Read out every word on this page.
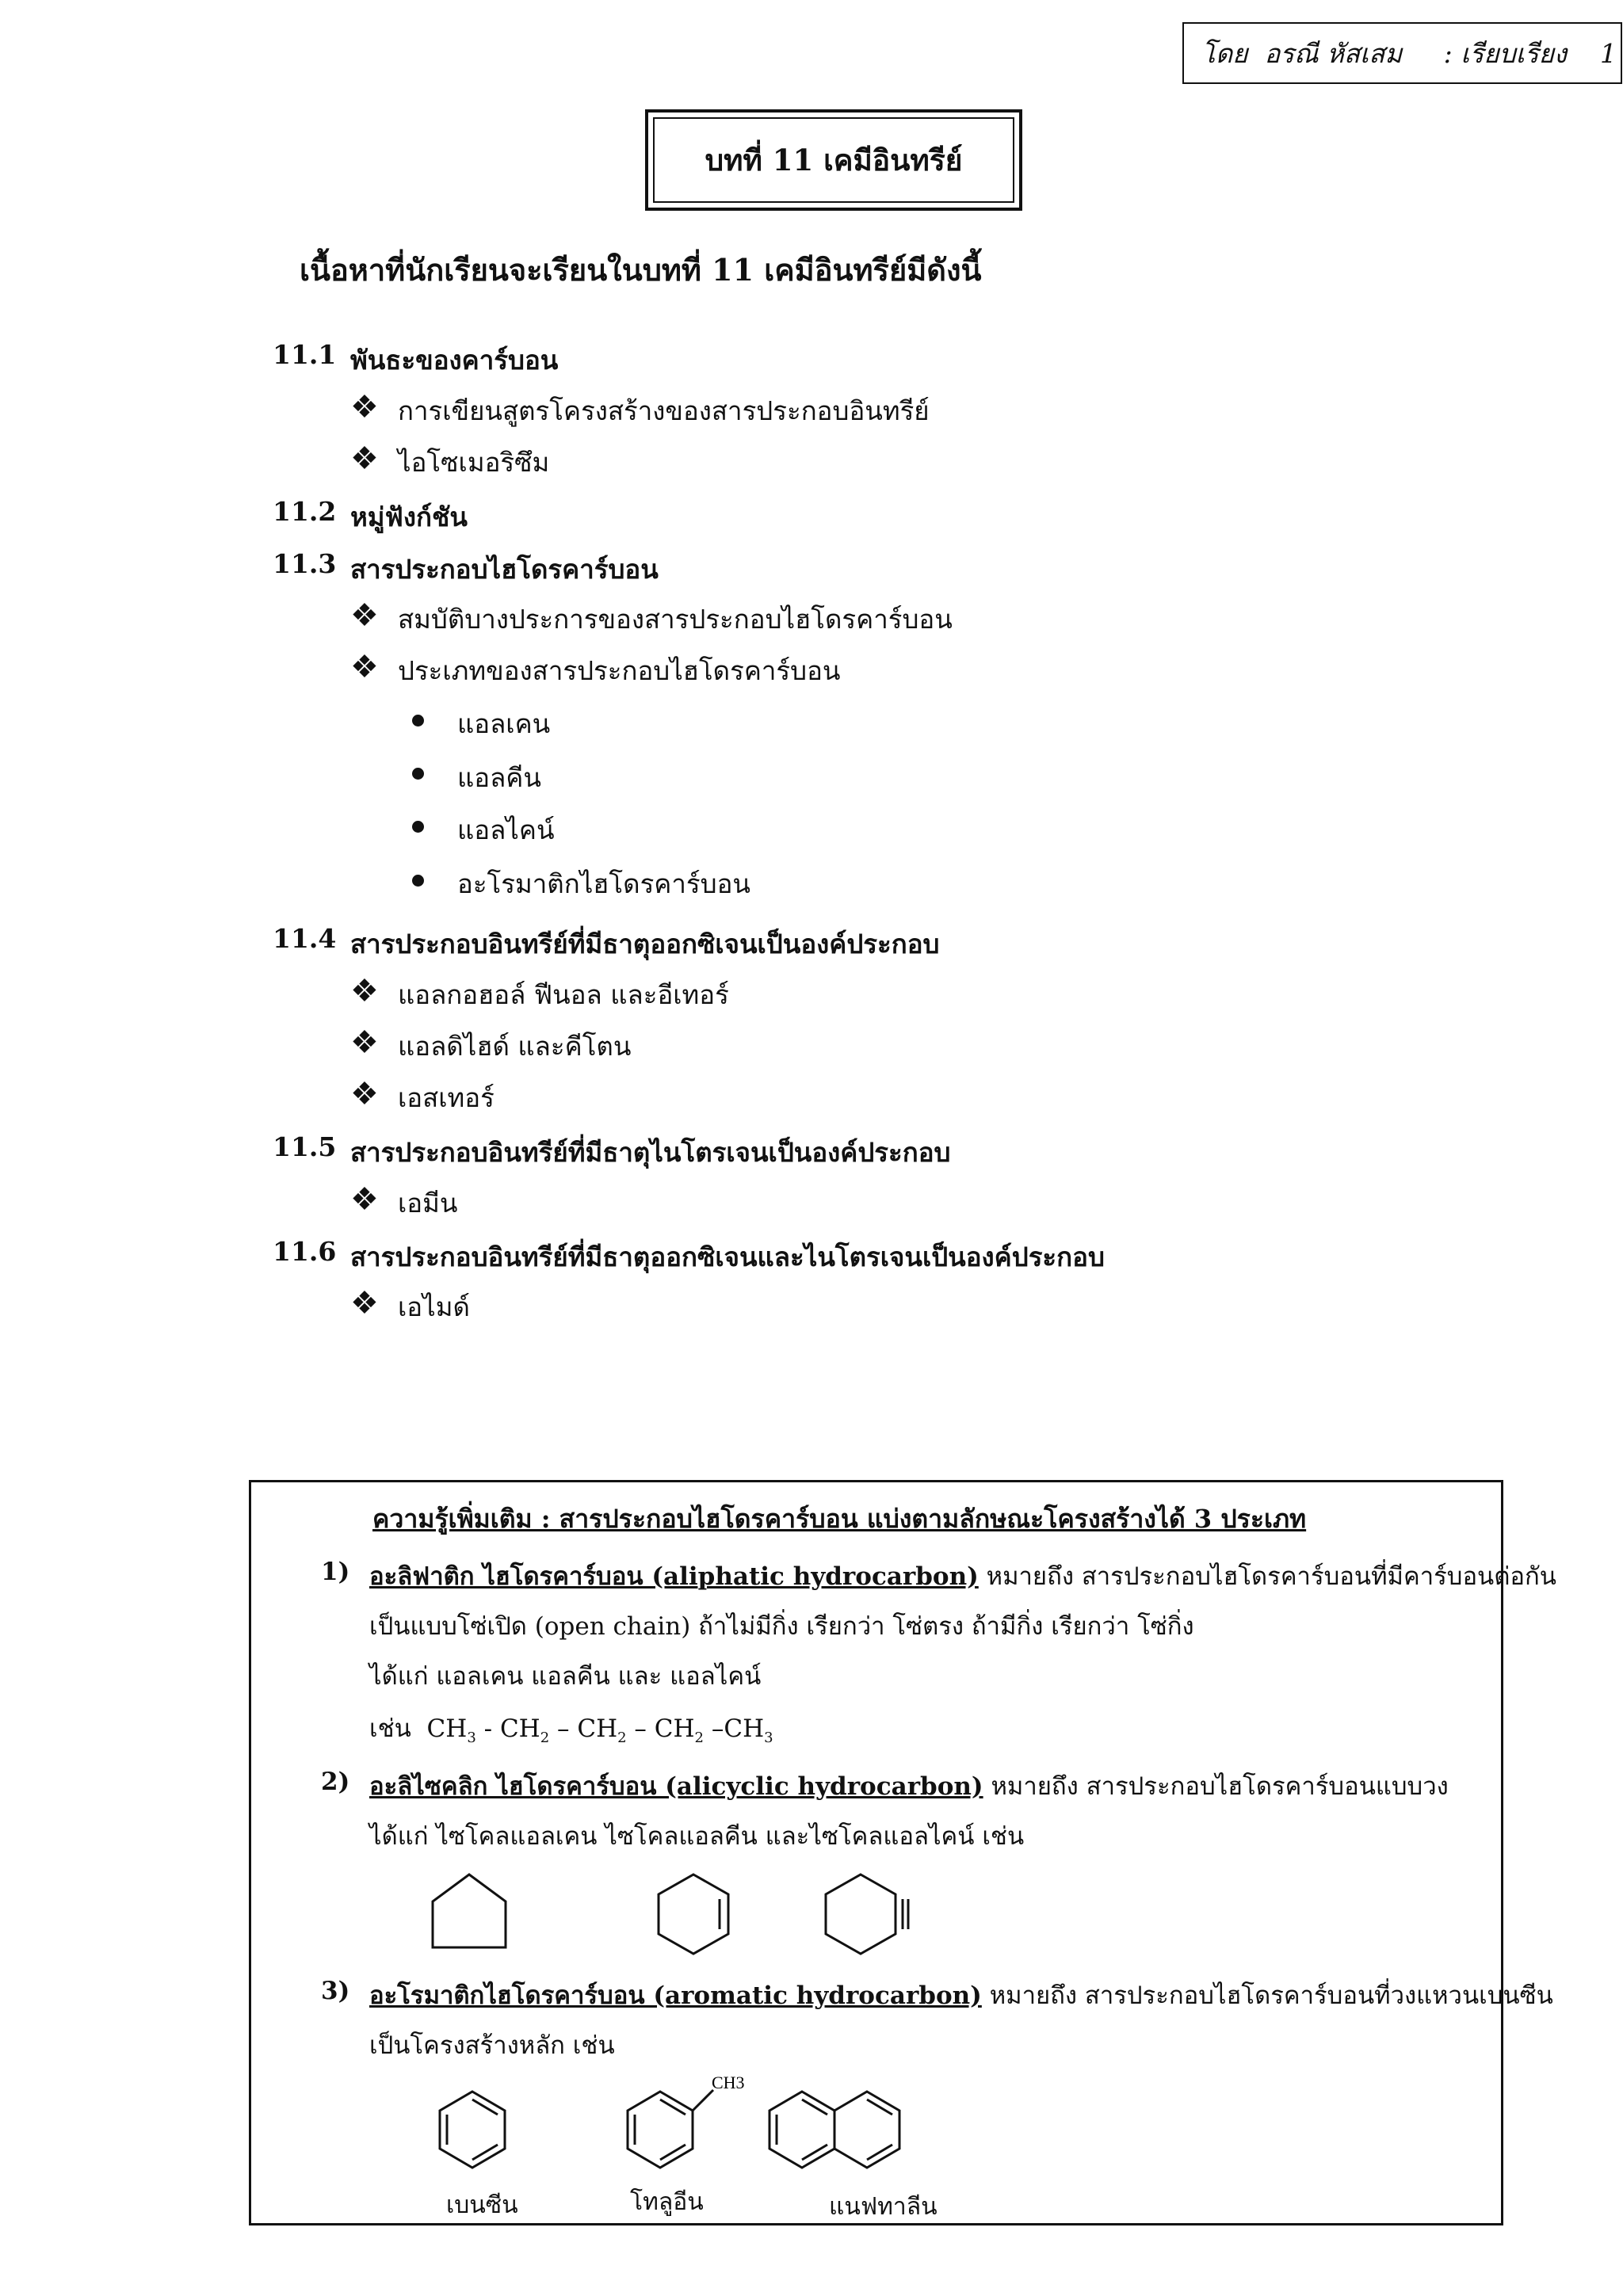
โดย
อรณี หัสเสม
:
เรียบเรียง
1
บทที่ 11 เคมีอินทรีย์
เนื้อหาที่นักเรียนจะเรียนในบทที่ 11 เคมีอินทรีย์มีดังนี้
11.1 พันธะของคาร์บอน
❖ การเขียนสูตรโครงสร้างของสารประกอบอินทรีย์
❖ ไอโซเมอริซึม
11.2 หมู่ฟังก์ชัน
11.3 สารประกอบไฮโดรคาร์บอน
❖ สมบัติบางประการของสารประกอบไฮโดรคาร์บอน
❖ ประเภทของสารประกอบไฮโดรคาร์บอน
แอลเคน
แอลคีน
แอลไคน์
อะโรมาติกไฮโดรคาร์บอน
11.4 สารประกอบอินทรีย์ที่มีธาตุออกซิเจนเป็นองค์ประกอบ
❖ แอลกอฮอล์ ฟีนอล และอีเทอร์
❖ แอลดิไฮด์ และคีโตน
❖ เอสเทอร์
11.5 สารประกอบอินทรีย์ที่มีธาตุไนโตรเจนเป็นองค์ประกอบ
❖ เอมีน
11.6 สารประกอบอินทรีย์ที่มีธาตุออกซิเจนและไนโตรเจนเป็นองค์ประกอบ
❖ เอไมด์
ความรู้เพิ่มเติม : สารประกอบไฮโดรคาร์บอน แบ่งตามลักษณะโครงสร้างได้ 3 ประเภท
1) อะลิฟาติก ไฮโดรคาร์บอน (aliphatic hydrocarbon) หมายถึง สารประกอบไฮโดรคาร์บอนที่มีคาร์บอนต่อกัน
เป็นแบบโซ่เปิด (open chain) ถ้าไม่มีกิ่ง เรียกว่า โซ่ตรง ถ้ามีกิ่ง เรียกว่า โซ่กิ่ง
ได้แก่ แอลเคน แอลคีน และ แอลไคน์
เช่น $CH_3 - CH_2 - CH_2 - CH_2$ $-CH_3$
2) อะลิไซคลิก ไฮโดรคาร์บอน (alicyclic hydrocarbon) หมายถึง สารประกอบไฮโดรคาร์บอนแบบวง
ได้แก่ ไซโคลแอลเคน ไซโคลแอลคีน และไซโคลแอลไคน์ เช่น
3) อะโรมาติกไฮโดรคาร์บอน (aromatic hydrocarbon) หมายถึง สารประกอบไฮโดรคาร์บอนที่วงแหวนเบนซีน
เป็นโครงสร้างหลัก เช่น
CH3
เบนซีน	โทลูอีน	แนฟทาลีน
